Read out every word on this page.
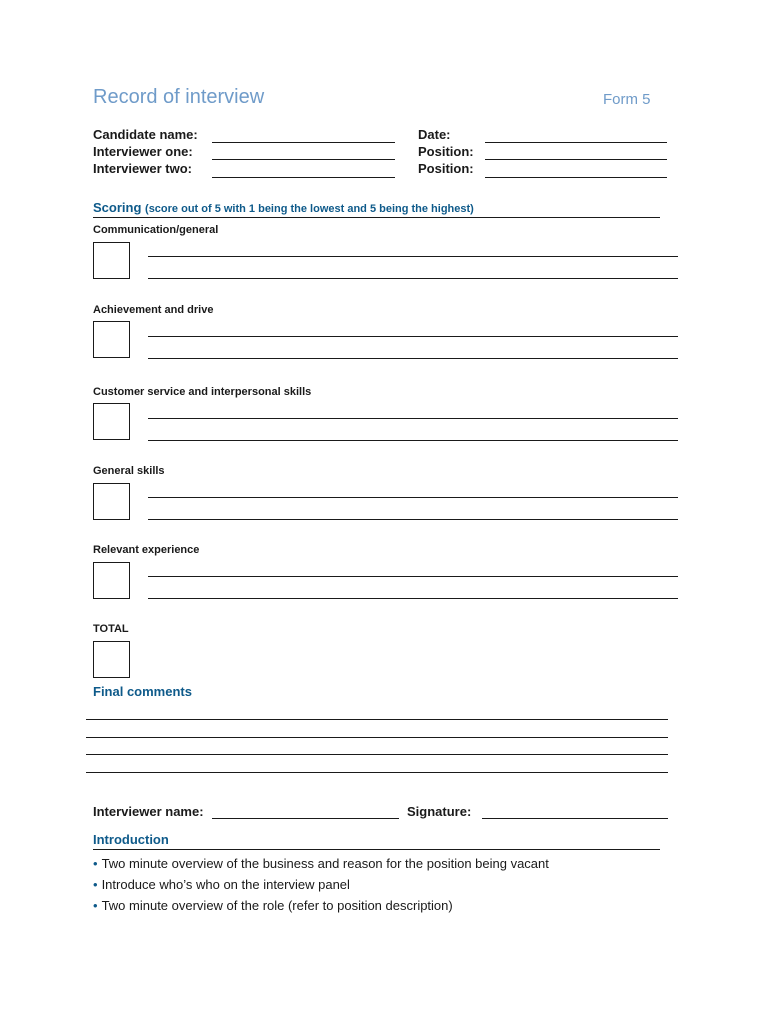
Record of interview	Form 5
Candidate name:
Interviewer one:
Interviewer two:
Date:
Position:
Position:
Scoring (score out of 5 with 1 being the lowest and 5 being the highest)
Communication/general
Achievement and drive
Customer service and interpersonal skills
General skills
Relevant experience
TOTAL
Final comments
Interviewer name:	Signature:
Introduction
• Two minute overview of the business and reason for the position being vacant
• Introduce who’s who on the interview panel
• Two minute overview of the role (refer to position description)
